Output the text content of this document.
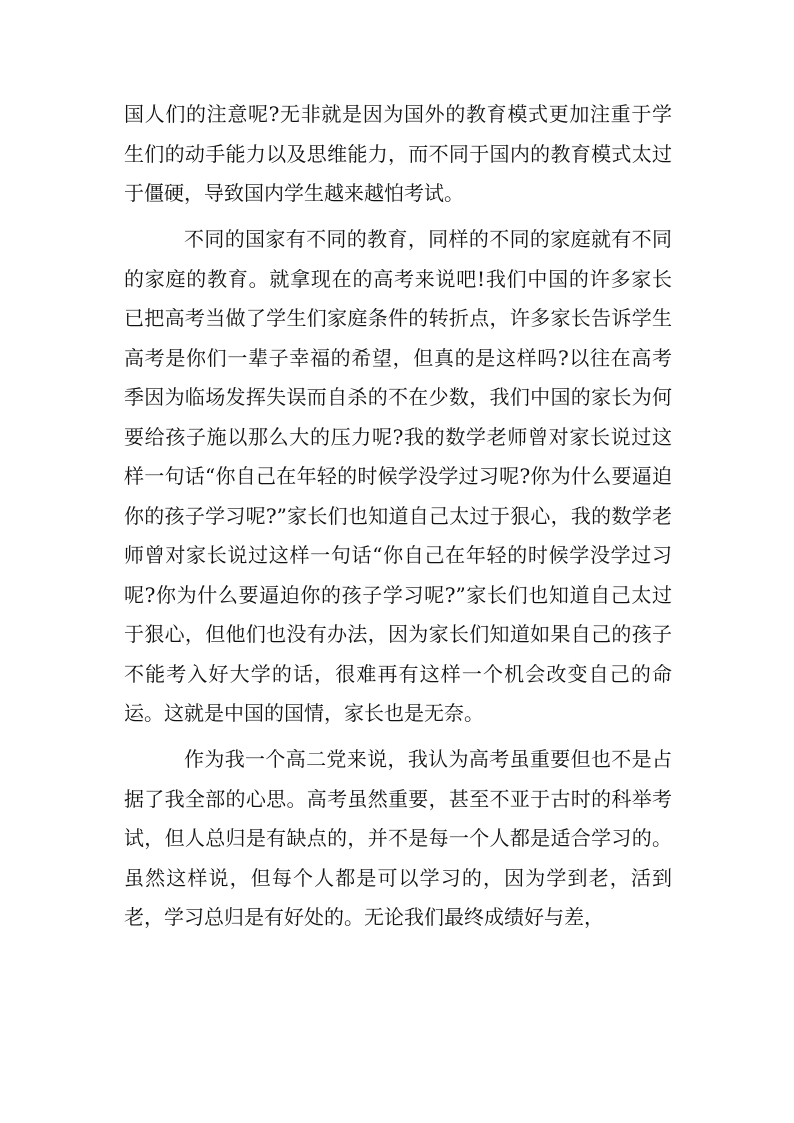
国人们的注意呢?无非就是因为国外的教育模式更加注重于学生们的动手能力以及思维能力，而不同于国内的教育模式太过于僵硬，导致国内学生越来越怕考试。

不同的国家有不同的教育，同样的不同的家庭就有不同的家庭的教育。就拿现在的高考来说吧!我们中国的许多家长已把高考当做了学生们家庭条件的转折点，许多家长告诉学生高考是你们一辈子幸福的希望，但真的是这样吗?以往在高考季因为临场发挥失误而自杀的不在少数，我们中国的家长为何要给孩子施以那么大的压力呢?我的数学老师曾对家长说过这样一句话“你自己在年轻的时候学没学过习呢?你为什么要逼迫你的孩子学习呢?”家长们也知道自己太过于狠心，我的数学老师曾对家长说过这样一句话“你自己在年轻的时候学没学过习呢?你为什么要逼迫你的孩子学习呢?”家长们也知道自己太过于狠心，但他们也没有办法，因为家长们知道如果自己的孩子不能考入好大学的话，很难再有这样一个机会改变自己的命运。这就是中国的国情，家长也是无奈。

作为我一个高二党来说，我认为高考虽重要但也不是占据了我全部的心思。高考虽然重要，甚至不亚于古时的科举考试，但人总归是有缺点的，并不是每一个人都是适合学习的。虽然这样说，但每个人都是可以学习的，因为学到老，活到老，学习总归是有好处的。无论我们最终成绩好与差，
